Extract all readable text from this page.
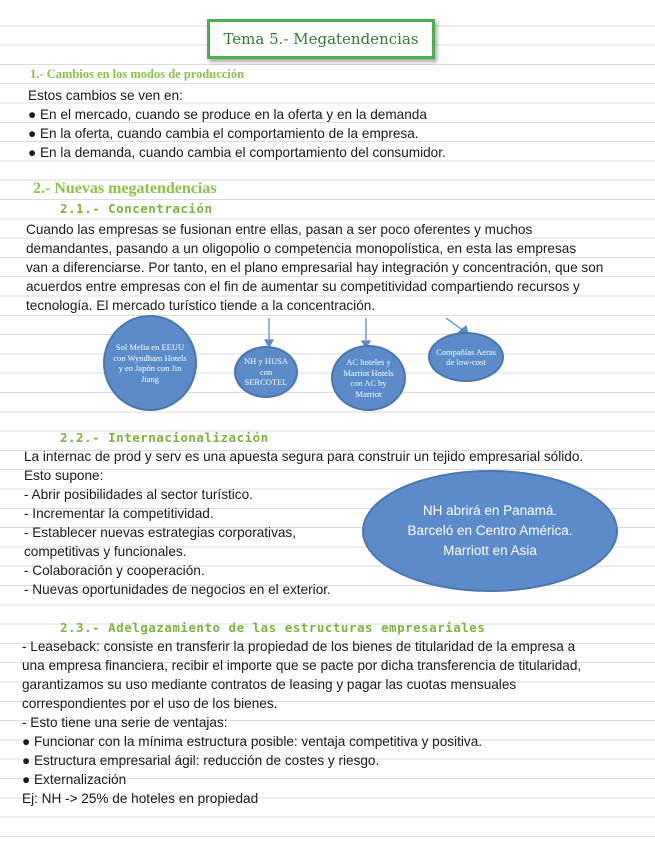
Tema 5.- Megatendencias
1.- Cambios en los modos de producción
Estos cambios se ven en:
● En el mercado, cuando se produce en la oferta y en la demanda
● En la oferta, cuando cambia el comportamiento de la empresa.
● En la demanda, cuando cambia el comportamiento del consumidor.
2.- Nuevas megatendencias
2.1.- Concentración
Cuando las empresas se fusionan entre ellas, pasan a ser poco oferentes y muchos
demandantes, pasando a un oligopolio o competencia monopolística, en esta las empresas
van a diferenciarse. Por tanto, en el plano empresarial hay integración y concentración, que son
acuerdos entre empresas con el fin de aumentar su competitividad compartiendo recursos y
tecnología. El mercado turístico tiende a la concentración.
Sol Melia en EEUU con Wyndham Hotels y en Japón con Jin Jiang
NH y HUSA con SERCOTEL
AC hoteles y Marriot Hotels con AC by Marriot
Compañías Aeras de low-cost
2.2.- Internacionalización
La internac de prod y serv es una apuesta segura para construir un tejido empresarial sólido.
Esto supone:
- Abrir posibilidades al sector turístico.
- Incrementar la competitividad.
- Establecer nuevas estrategias corporativas,
competitivas y funcionales.
- Colaboración y cooperación.
- Nuevas oportunidades de negocios en el exterior.
NH abrirá en Panamá.
Barceló en Centro América.
Marriott en Asia
2.3.- Adelgazamiento de las estructuras empresariales
- Leaseback: consiste en transferir la propiedad de los bienes de titularidad de la empresa a
una empresa financiera, recibir el importe que se pacte por dicha transferencia de titularidad,
garantizamos su uso mediante contratos de leasing y pagar las cuotas mensuales
correspondientes por el uso de los bienes.
- Esto tiene una serie de ventajas:
● Funcionar con la mínima estructura posible: ventaja competitiva y positiva.
● Estructura empresarial ágil: reducción de costes y riesgo.
● Externalización
Ej: NH -> 25% de hoteles en propiedad
